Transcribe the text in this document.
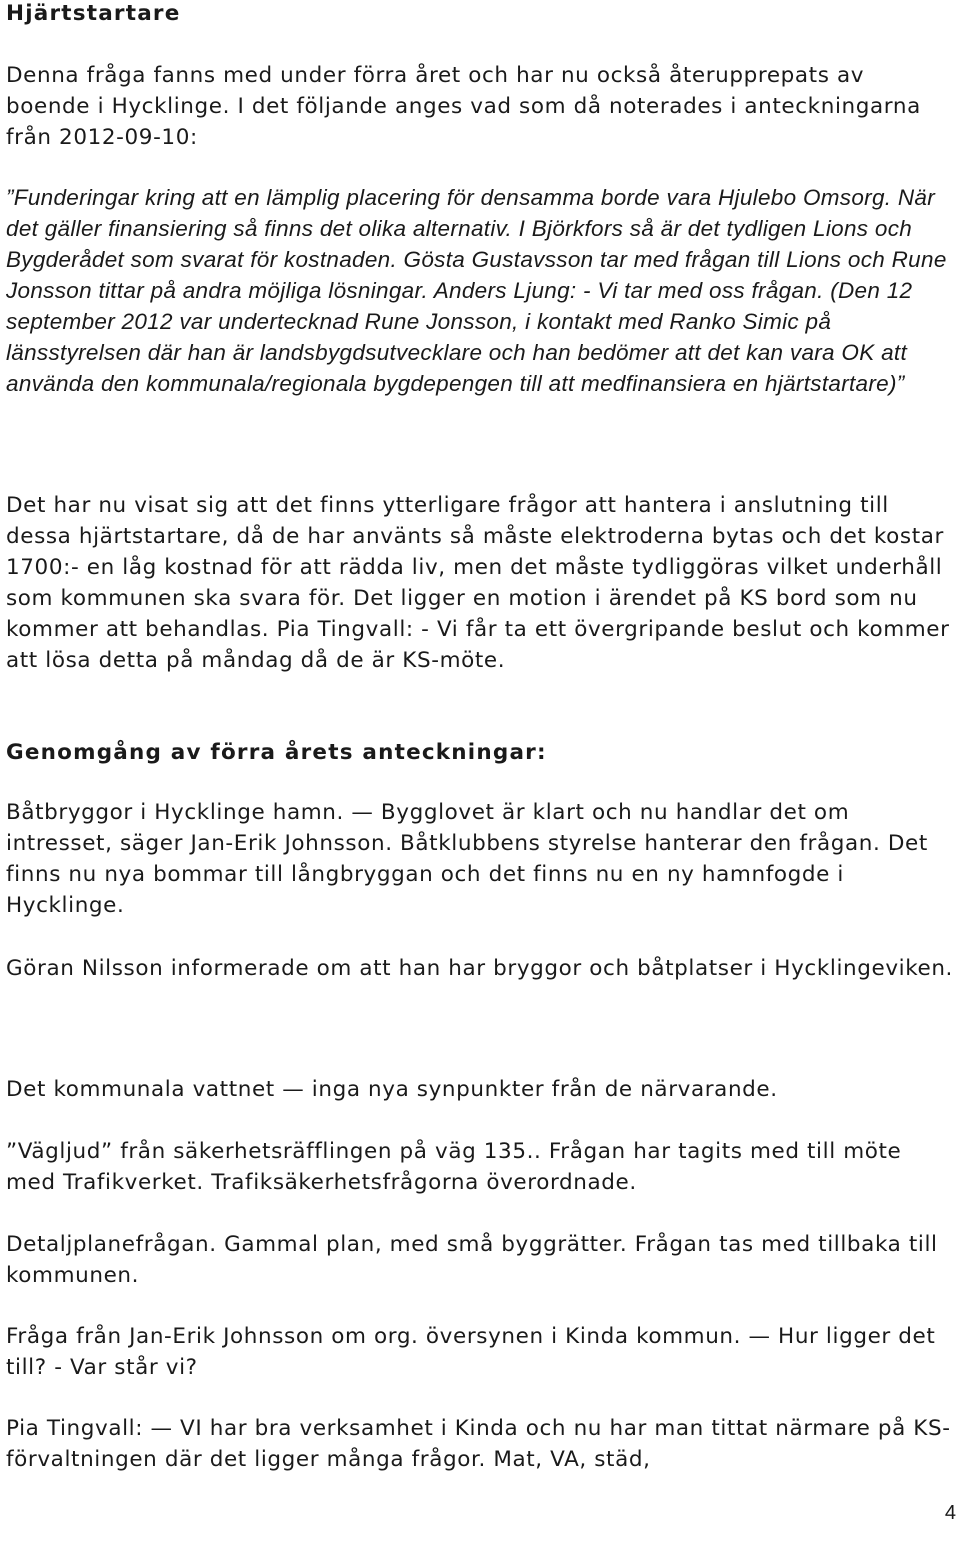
Hjärtstartare
Denna fråga fanns med under förra året och har nu också återupprepats av boende i Hycklinge. I det följande anges vad som då noterades i anteckningarna från 2012-09-10:
”Funderingar kring att en lämplig placering för densamma borde vara Hjulebo Omsorg. När det gäller finansiering så finns det olika alternativ. I Björkfors så är det tydligen Lions och Bygderådet som svarat för kostnaden. Gösta Gustavsson tar med frågan till Lions och Rune Jonsson tittar på andra möjliga lösningar. Anders Ljung: - Vi tar med oss frågan. (Den 12 september 2012 var undertecknad Rune Jonsson, i kontakt med Ranko Simic på länsstyrelsen där han är landsbygdsutvecklare och han bedömer att det kan vara OK att använda den kommunala/regionala bygdepengen till att medfinansiera en hjärtstartare)”
Det har nu visat sig att det finns ytterligare frågor att hantera i anslutning till dessa hjärtstartare, då de har använts så måste elektroderna bytas och det kostar 1700:- en låg kostnad för att rädda liv, men det måste tydliggöras vilket underhåll som kommunen ska svara för. Det ligger en motion i ärendet på KS bord som nu kommer att behandlas. Pia Tingvall: - Vi får ta ett övergripande beslut och kommer att lösa detta på måndag då de är KS-möte.
Genomgång av förra årets anteckningar:
Båtbryggor i Hycklinge hamn. — Bygglovet är klart och nu handlar det om intresset, säger Jan-Erik Johnsson. Båtklubbens styrelse hanterar den frågan. Det finns nu nya bommar till långbryggan och det finns nu en ny hamnfogde i Hycklinge.
Göran Nilsson informerade om att han har bryggor och båtplatser i Hycklingeviken.
Det kommunala vattnet — inga nya synpunkter från de närvarande.
”Vägljud” från säkerhetsräfflingen på väg 135.. Frågan har tagits med till möte med Trafikverket. Trafiksäkerhetsfrågorna överordnade.
Detaljplanefrågan. Gammal plan, med små byggrätter. Frågan tas med tillbaka till kommunen.
Fråga från Jan-Erik Johnsson om org. översynen i Kinda kommun. — Hur ligger det till? - Var står vi?
Pia Tingvall: — VI har bra verksamhet i Kinda och nu har man tittat närmare på KS- förvaltningen där det ligger många frågor. Mat, VA, städ,
4
